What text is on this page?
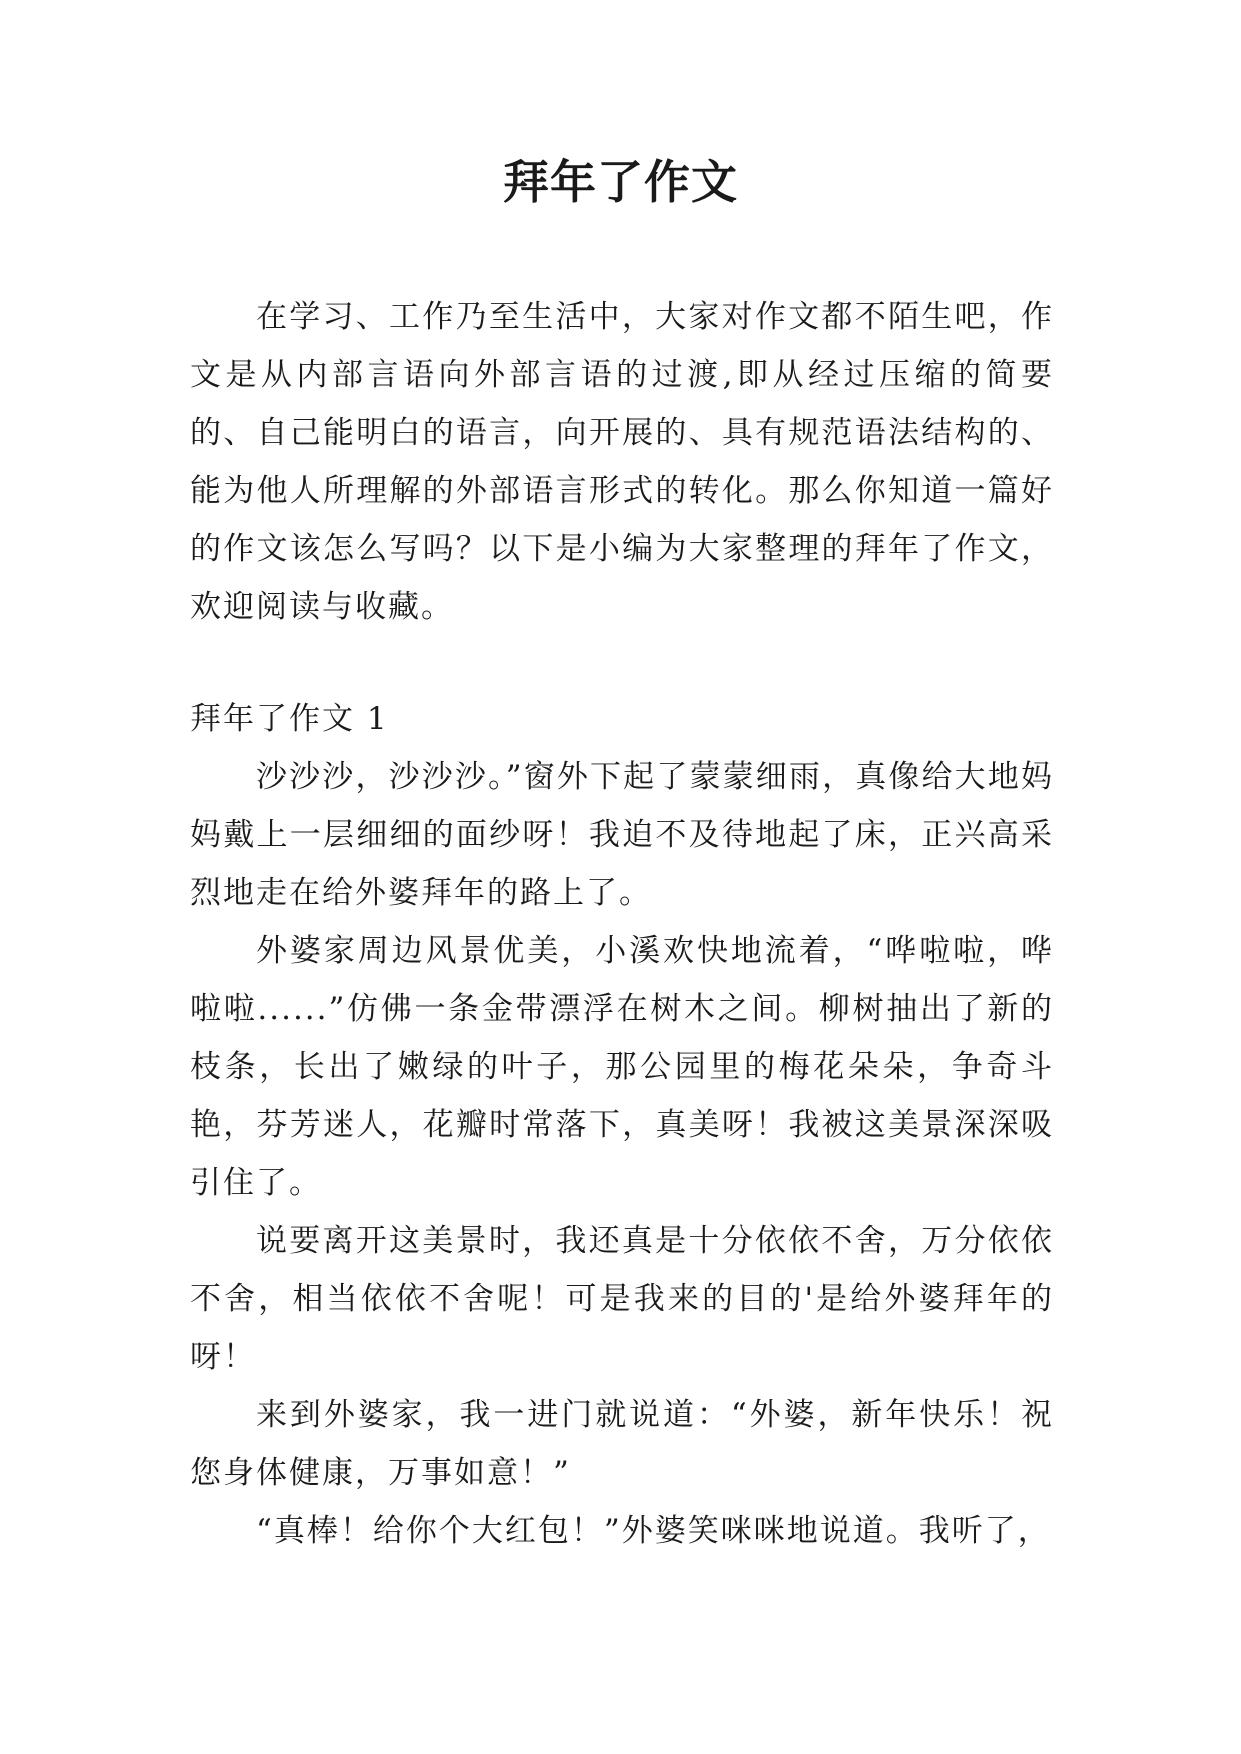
拜年了作文

在学习、工作乃至生活中，大家对作文都不陌生吧，作文是从内部言语向外部言语的过渡,即从经过压缩的简要的、自己能明白的语言，向开展的、具有规范语法结构的、能为他人所理解的外部语言形式的转化。那么你知道一篇好的作文该怎么写吗？以下是小编为大家整理的拜年了作文，欢迎阅读与收藏。

拜年了作文 1

沙沙沙，沙沙沙。”窗外下起了蒙蒙细雨，真像给大地妈妈戴上一层细细的面纱呀！我迫不及待地起了床，正兴高采烈地走在给外婆拜年的路上了。

外婆家周边风景优美，小溪欢快地流着，“哗啦啦，哗啦啦......”仿佛一条金带漂浮在树木之间。柳树抽出了新的枝条，长出了嫩绿的叶子，那公园里的梅花朵朵，争奇斗艳，芬芳迷人，花瓣时常落下，真美呀！我被这美景深深吸引住了。

说要离开这美景时，我还真是十分依依不舍，万分依依不舍，相当依依不舍呢！可是我来的目的'是给外婆拜年的呀！

来到外婆家，我一进门就说道：“外婆，新年快乐！祝您身体健康，万事如意！”

“真棒！给你个大红包！”外婆笑咪咪地说道。我听了，
